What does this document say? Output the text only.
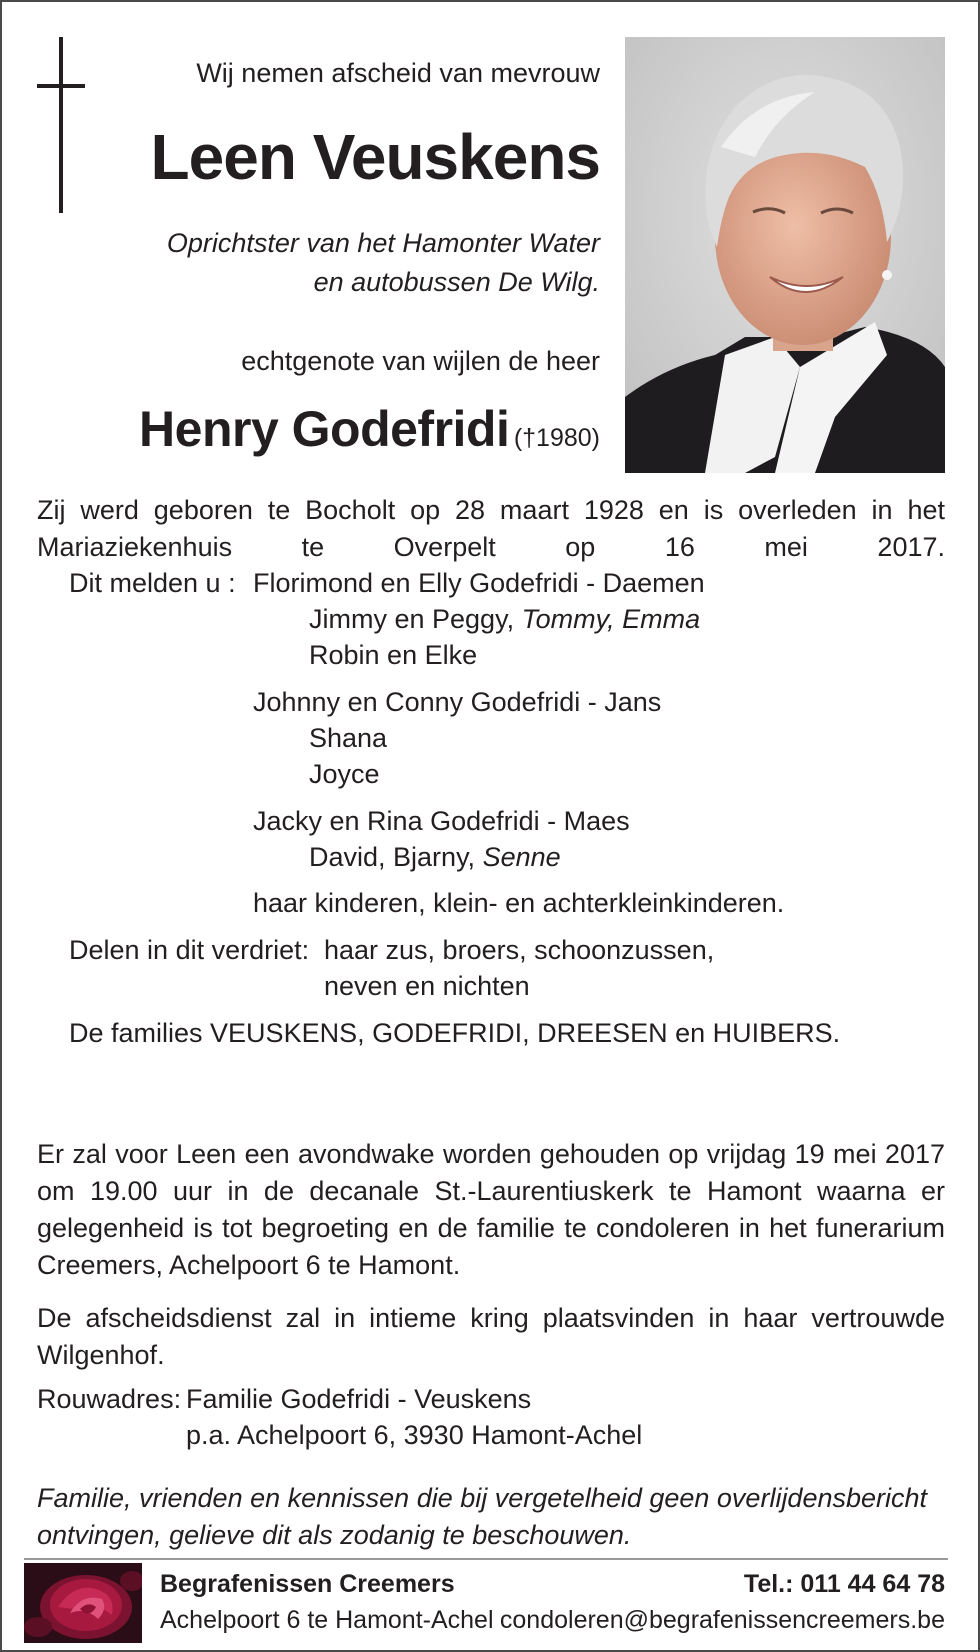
Wij nemen afscheid van mevrouw
Leen Veuskens
Oprichtster van het Hamonter Water
en autobussen De Wilg.
echtgenote van wijlen de heer
Henry Godefridi (†1980)
Zij werd geboren te Bocholt op 28 maart 1928 en is overleden in het Mariaziekenhuis te Overpelt op 16 mei 2017.
Dit melden u : Florimond en Elly Godefridi - Daemen
Jimmy en Peggy, Tommy, Emma
Robin en Elke
Johnny en Conny Godefridi - Jans
Shana
Joyce
Jacky en Rina Godefridi - Maes
David, Bjarny, Senne
haar kinderen, klein- en achterkleinkinderen.
Delen in dit verdriet: haar zus, broers, schoonzussen,
neven en nichten
De families VEUSKENS, GODEFRIDI, DREESEN en HUIBERS.
Er zal voor Leen een avondwake worden gehouden op vrijdag 19 mei 2017 om 19.00 uur in de decanale St.-Laurentiuskerk te Hamont waarna er gelegenheid is tot begroeting en de familie te condoleren in het funerarium Creemers, Achelpoort 6 te Hamont.
De afscheidsdienst zal in intieme kring plaatsvinden in haar vertrouwde Wilgenhof.
Rouwadres: Familie Godefridi - Veuskens
p.a. Achelpoort 6, 3930 Hamont-Achel
Familie, vrienden en kennissen die bij vergetelheid geen overlijdensbericht ontvingen, gelieve dit als zodanig te beschouwen.
Begrafenissen Creemers
Achelpoort 6 te Hamont-Achel
Tel.: 011 44 64 78
condoleren@begrafenissencreemers.be
